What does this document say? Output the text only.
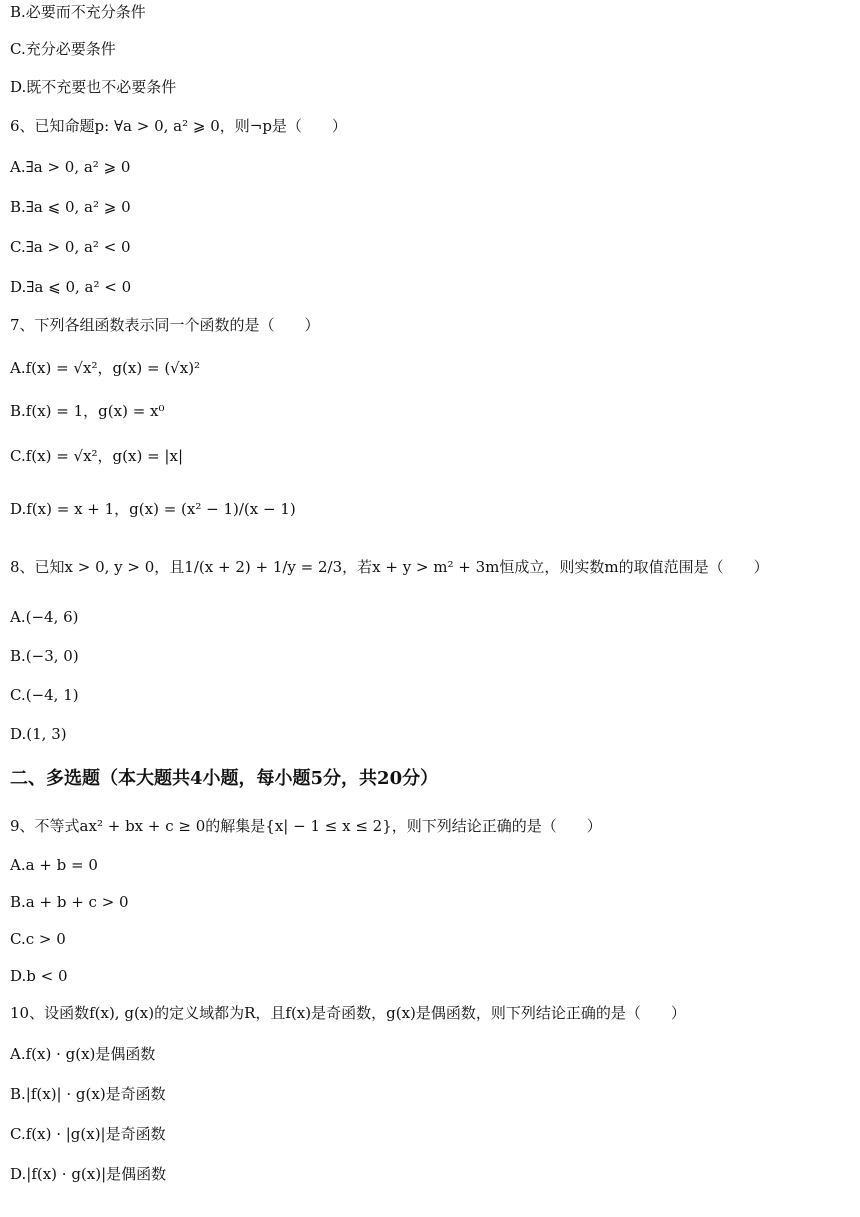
B.必要而不充分条件
C.充分必要条件
D.既不充要也不必要条件
6、已知命题p: ∀a > 0, a² ⩾ 0，则¬p是（　　）
A.∃a > 0, a² ⩾ 0
B.∃a ⩽ 0, a² ⩾ 0
C.∃a > 0, a² < 0
D.∃a ⩽ 0, a² < 0
7、下列各组函数表示同一个函数的是（　　）
A.f(x) = √x²，g(x) = (√x)²
B.f(x) = 1，g(x) = x⁰
C.f(x) = √x²，g(x) = |x|
D.f(x) = x + 1，g(x) = (x² − 1)/(x − 1)
8、已知x > 0, y > 0，且1/(x + 2) + 1/y = 2/3，若x + y > m² + 3m恒成立，则实数m的取值范围是（　　）
A.(−4, 6)
B.(−3, 0)
C.(−4, 1)
D.(1, 3)
9、不等式ax² + bx + c ≥ 0的解集是{x| − 1 ≤ x ≤ 2}，则下列结论正确的是（　　）
A.a + b = 0
B.a + b + c > 0
C.c > 0
D.b < 0
10、设函数f(x), g(x)的定义域都为R，且f(x)是奇函数，g(x)是偶函数，则下列结论正确的是（　　）
A.f(x) · g(x)是偶函数
B.|f(x)| · g(x)是奇函数
C.f(x) · |g(x)|是奇函数
D.|f(x) · g(x)|是偶函数
二、多选题（本大题共4小题，每小题5分，共20分）
